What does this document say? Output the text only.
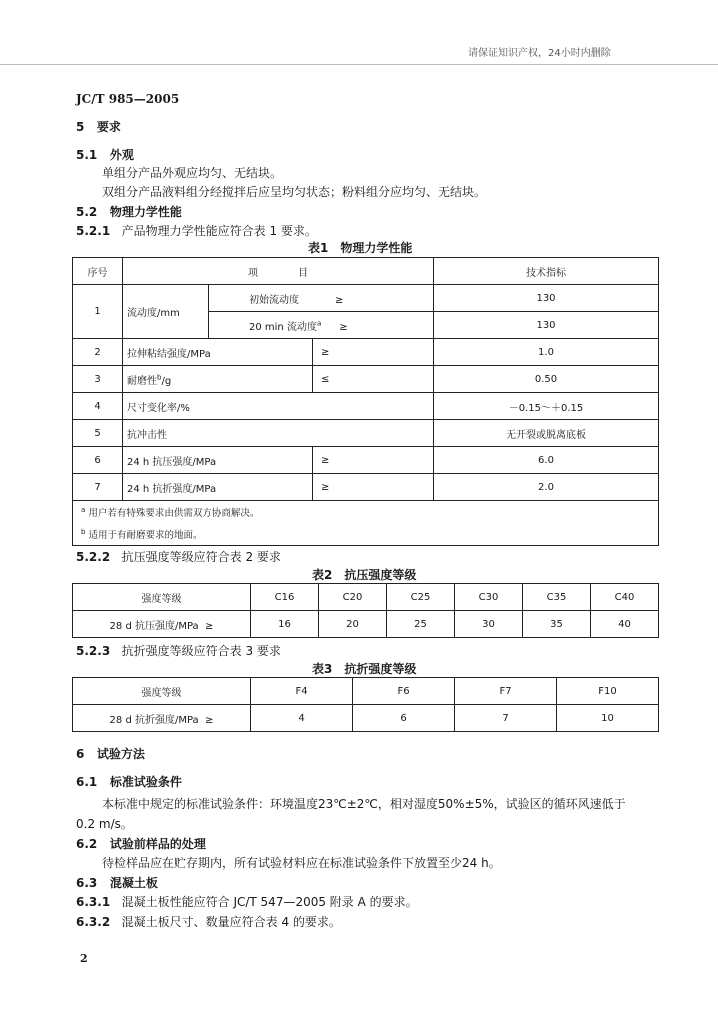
请保证知识产权，24小时内删除
JC/T 985—2005
5 要求
5.1 外观
单组分产品外观应均匀、无结块。
双组分产品液料组分经搅拌后应呈均匀状态；粉料组分应均匀、无结块。
5.2 物理力学性能
5.2.1 产品物理力学性能应符合表 1 要求。
表1　物理力学性能
序号	项　　　　目			技术指标
1	流动度/mm	初始流动度 ≥		130
		20 min 流动度$^a$ ≥		130
2	拉伸粘结强度/MPa		≥	1.0
3	耐磨性$^b$/g		≤	0.50
4	尺寸变化率/%			－0.15～＋0.15
5	抗冲击性			无开裂或脱离底板
6	24 h 抗压强度/MPa		≥	6.0
7	24 h 抗折强度/MPa		≥	2.0

$^a$ 用户若有特殊要求由供需双方协商解决。
$^b$ 适用于有耐磨要求的地面。				
5.2.2 抗压强度等级应符合表 2 要求
表2　抗压强度等级
强度等级	C16	C20	C25	C30	C35	C40
28 d 抗压强度/MPa ≥	16	20	25	30	35	40
5.2.3 抗折强度等级应符合表 3 要求
表3　抗折强度等级
强度等级	F4	F6	F7	F10
28 d 抗折强度/MPa ≥	4	6	7	10
6 试验方法
6.1 标准试验条件
本标准中规定的标准试验条件：环境温度23℃±2℃，相对湿度50%±5%，试验区的循环风速低于
0.2 m/s。
6.2 试验前样品的处理
待检样品应在贮存期内，所有试验材料应在标准试验条件下放置至少24 h。
6.3 混凝土板
6.3.1 混凝土板性能应符合 JC/T 547—2005 附录 A 的要求。
6.3.2 混凝土板尺寸、数量应符合表 4 的要求。
2
